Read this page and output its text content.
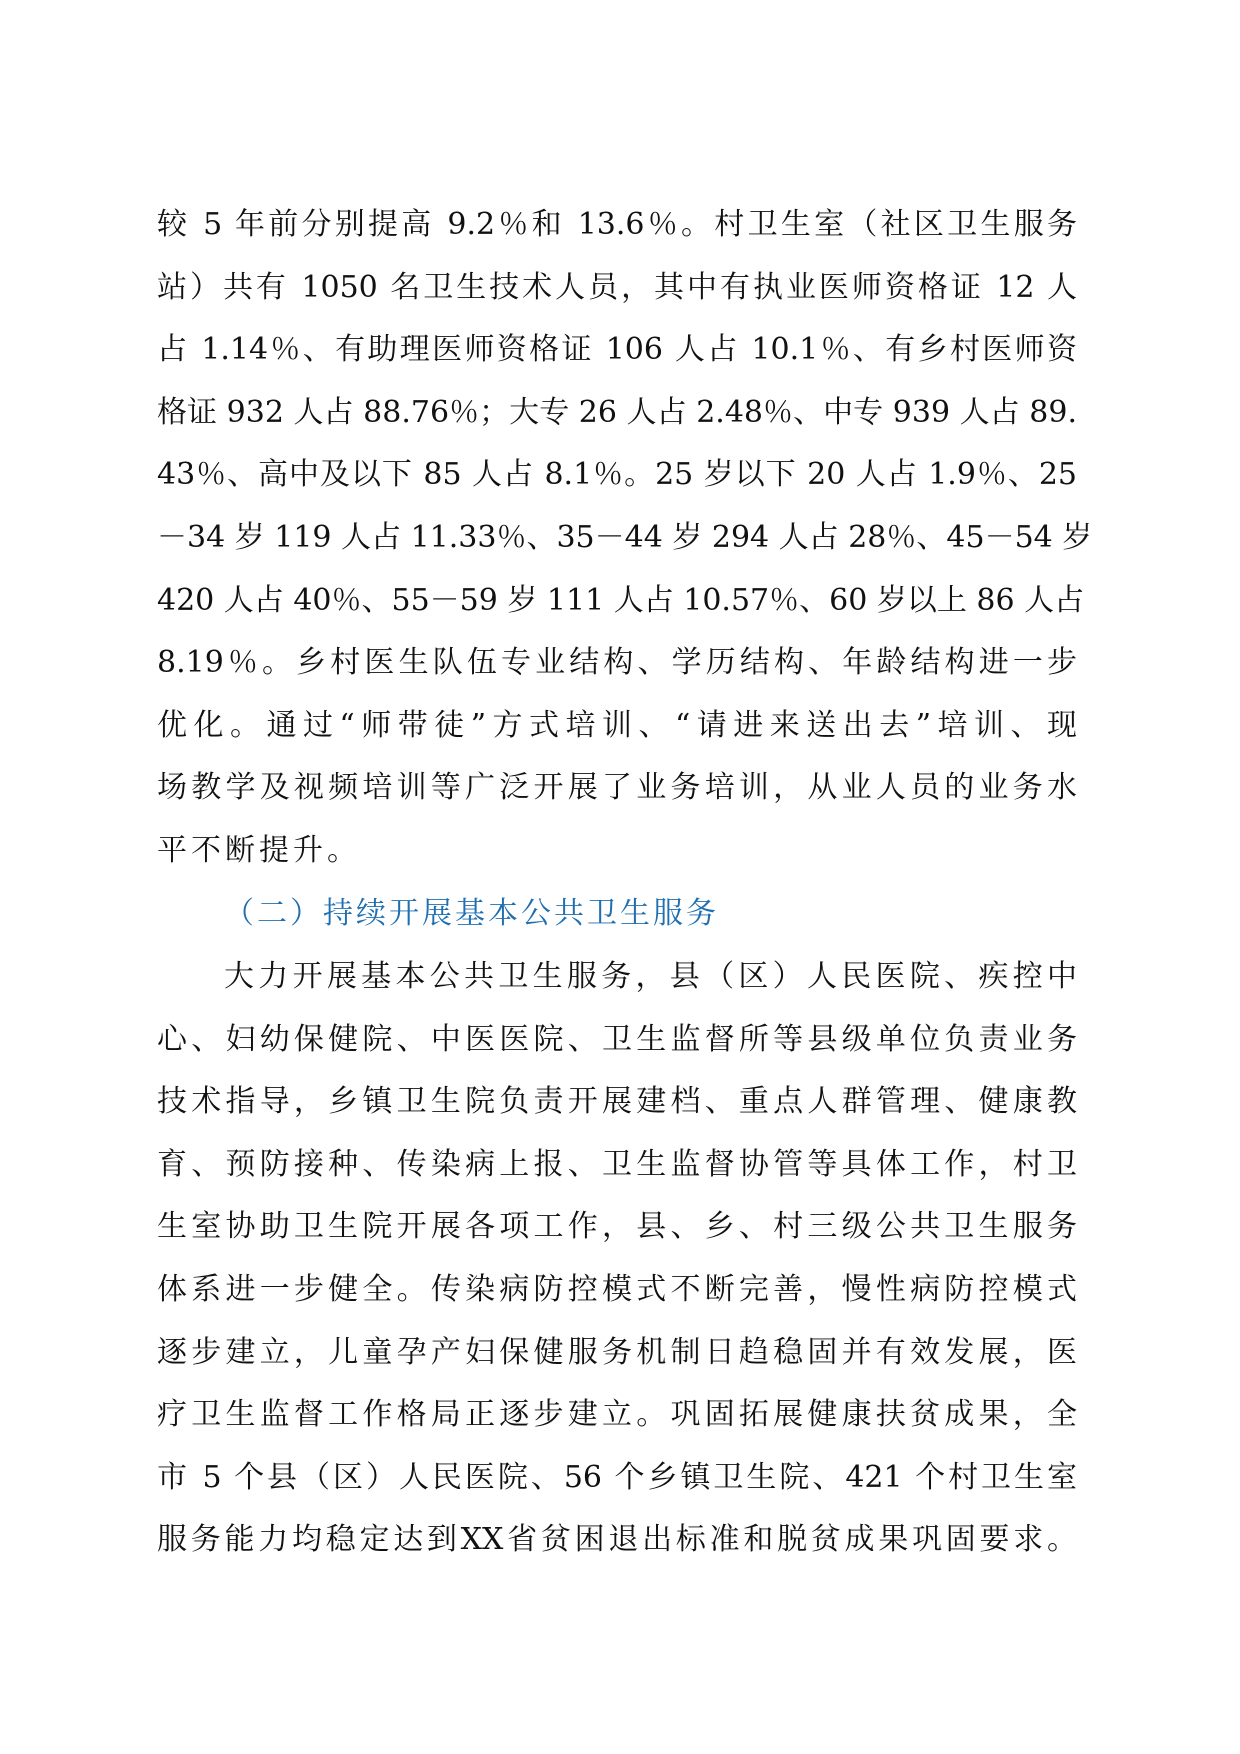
较 5 年前分别提高 9.2％和 13.6％。村卫生室（社区卫生服务
站）共有 1050 名卫生技术人员，其中有执业医师资格证 12 人
占 1.14％、有助理医师资格证 106 人占 10.1％、有乡村医师资
格证 932 人占 88.76％；大专 26 人占 2.48％、中专 939 人占 89.
43％、高中及以下 85 人占 8.1％。25 岁以下 20 人占 1.9％、25
－34 岁 119 人占 11.33％、35－44 岁 294 人占 28％、45－54 岁
420 人占 40％、55－59 岁 111 人占 10.57％、60 岁以上 86 人占
8.19％。乡村医生队伍专业结构、学历结构、年龄结构进一步
优化。通过“师带徒”方式培训、“请进来送出去”培训、现
场教学及视频培训等广泛开展了业务培训，从业人员的业务水
平不断提升。
（二）持续开展基本公共卫生服务
大力开展基本公共卫生服务，县（区）人民医院、疾控中
心、妇幼保健院、中医医院、卫生监督所等县级单位负责业务
技术指导，乡镇卫生院负责开展建档、重点人群管理、健康教
育、预防接种、传染病上报、卫生监督协管等具体工作，村卫
生室协助卫生院开展各项工作，县、乡、村三级公共卫生服务
体系进一步健全。传染病防控模式不断完善，慢性病防控模式
逐步建立，儿童孕产妇保健服务机制日趋稳固并有效发展，医
疗卫生监督工作格局正逐步建立。巩固拓展健康扶贫成果，全
市 5 个县（区）人民医院、56 个乡镇卫生院、421 个村卫生室
服务能力均稳定达到XX省贫困退出标准和脱贫成果巩固要求。
